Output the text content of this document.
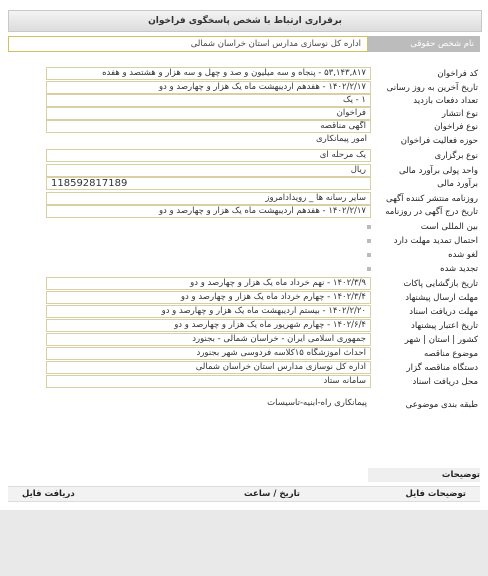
برقراری ارتباط با شخص پاسخگوی فراخوان
نام شخص حقوقی
اداره کل نوسازی مدارس استان خراسان شمالی
کد فراخوان
۵۳,۱۴۳,۸۱۷ - پنجاه و سه میلیون و صد و چهل و سه هزار و هشتصد و هفده
تاریخ آخرین به روز رسانی
۱۴۰۲/۲/۱۷ - هفدهم اردیبهشت ماه یک هزار و چهارصد و دو
تعداد دفعات بازدید
۱ - یک
نوع انتشار
فراخوان
نوع فراخوان
آگهی مناقصه
حوزه فعالیت فراخوان
امور پیمانکاری
نوع برگزاری
یک مرحله ای
واحد پولی برآورد مالی
ریال
برآورد مالی
118592817189
روزنامه منتشر کننده آگهی
سایر رسانه ها _ رویدادامروز
تاریخ درج آگهی در روزنامه
۱۴۰۲/۲/۱۷ - هفدهم اردیبهشت ماه یک هزار و چهارصد و دو
بین المللی است
احتمال تمدید مهلت دارد
لغو شده
تجدید شده
تاریخ بازگشایی پاکات
۱۴۰۲/۳/۹ - نهم خرداد ماه یک هزار و چهارصد و دو
مهلت ارسال پیشنهاد
۱۴۰۲/۳/۴ - چهارم خرداد ماه یک هزار و چهارصد و دو
مهلت دریافت اسناد
۱۴۰۲/۲/۲۰ - بیستم اردیبهشت ماه یک هزار و چهارصد و دو
تاریخ اعتبار پیشنهاد
۱۴۰۲/۶/۴ - چهارم شهریور ماه یک هزار و چهارصد و دو
کشور | استان | شهر
جمهوری اسلامی ایران - خراسان شمالی - بجنورد
موضوع مناقصه
احداث آموزشگاه ۱۵کلاسه فردوسی شهر بجنورد
دستگاه مناقصه گزار
اداره کل نوسازی مدارس استان خراسان شمالی
محل دریافت اسناد
سامانه ستاد
طبقه بندی موضوعی
پیمانکاری راه-ابنیه-تاسیسات
توضیحات
توضیحات فایل
تاریخ / ساعت
دریافت فایل
